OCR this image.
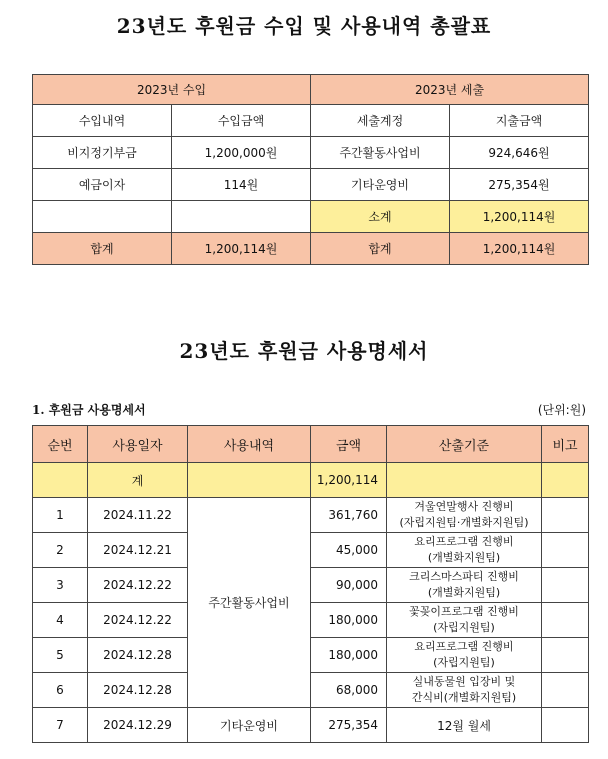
23년도 후원금 수입 및 사용내역 총괄표
2023년 수입		2023년 세출	
수입내역	수입금액	세출계정	지출금액
비지정기부금	1,200,000원	주간활동사업비	924,646원
예금이자	114원	기타운영비	275,354원
		소계	1,200,114원
합계	1,200,114원	합계	1,200,114원
23년도 후원금 사용명세서
1. 후원금 사용명세서	(단위:원)
순번	사용일자	사용내역	금액	산출기준	비고
	계		1,200,114		
1	2024.11.22	주간활동사업비	361,760	겨울연말행사 진행비
(자립지원팀·개별화지원팀)	

2	2024.12.21		45,000	요리프로그램 진행비
(개별화지원팀)	

3	2024.12.22		90,000	크리스마스파티 진행비
(개별화지원팀)	

4	2024.12.22		180,000	꽃꽂이프로그램 진행비
(자립지원팀)	

5	2024.12.28		180,000	요리프로그램 진행비
(자립지원팀)	

6	2024.12.28		68,000	실내동물원 입장비 및
간식비(개별화지원팀)	

7	2024.12.29	기타운영비	275,354	12월 월세	
